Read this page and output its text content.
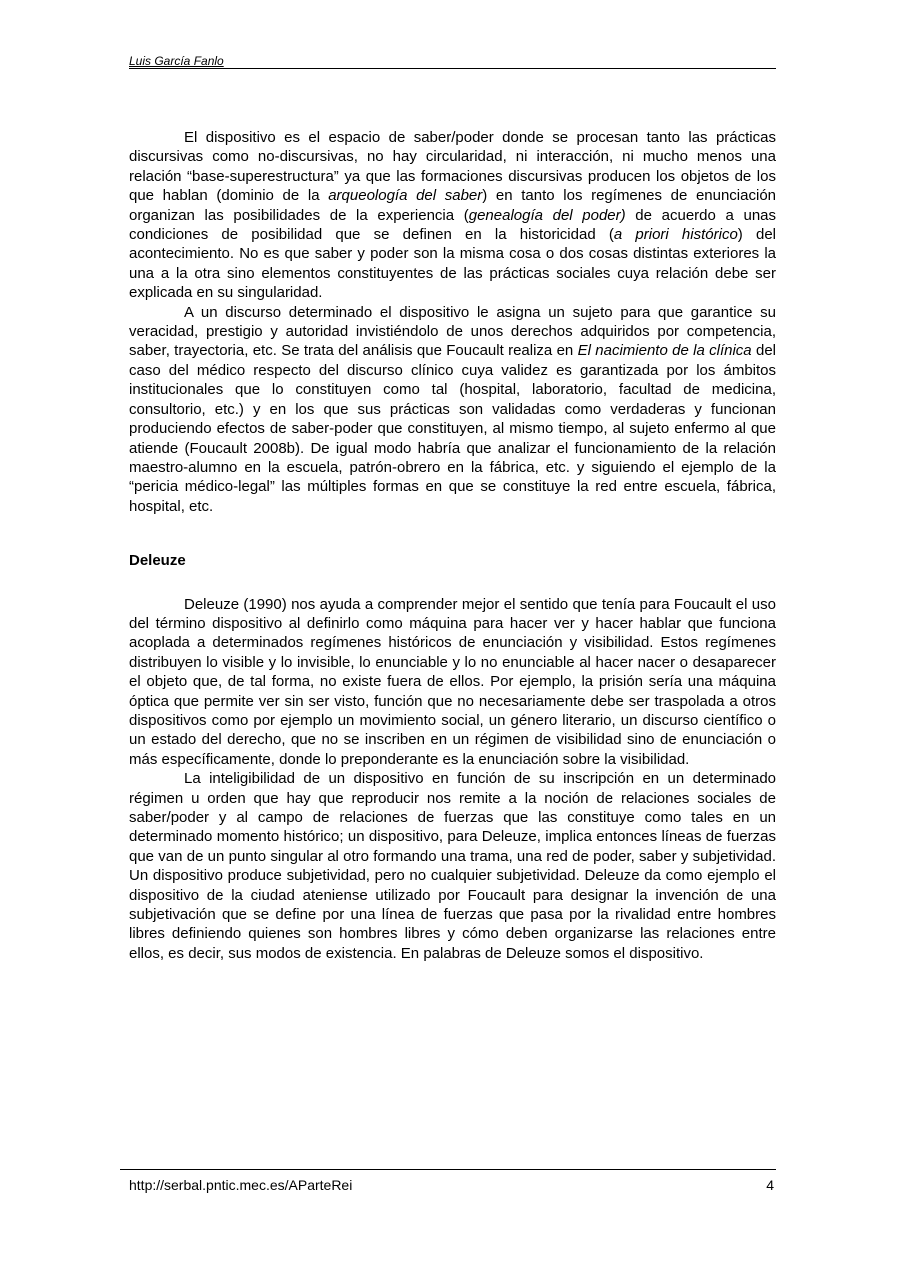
Luis García Fanlo

El dispositivo es el espacio de saber/poder donde se procesan tanto las prácticas discursivas como no-discursivas, no hay circularidad, ni interacción, ni mucho menos una relación “base-superestructura” ya que las formaciones discursivas producen los objetos de los que hablan (dominio de la arqueología del saber) en tanto los regímenes de enunciación organizan las posibilidades de la experiencia (genealogía del poder) de acuerdo a unas condiciones de posibilidad que se definen en la historicidad (a priori histórico) del acontecimiento. No es que saber y poder son la misma cosa o dos cosas distintas exteriores la una a la otra sino elementos constituyentes de las prácticas sociales cuya relación debe ser explicada en su singularidad.

A un discurso determinado el dispositivo le asigna un sujeto para que garantice su veracidad, prestigio y autoridad invistiéndolo de unos derechos adquiridos por competencia, saber, trayectoria, etc. Se trata del análisis que Foucault realiza en El nacimiento de la clínica del caso del médico respecto del discurso clínico cuya validez es garantizada por los ámbitos institucionales que lo constituyen como tal (hospital, laboratorio, facultad de medicina, consultorio, etc.) y en los que sus prácticas son validadas como verdaderas y funcionan produciendo efectos de saber-poder que constituyen, al mismo tiempo, al sujeto enfermo al que atiende (Foucault 2008b). De igual modo habría que analizar el funcionamiento de la relación maestro-alumno en la escuela, patrón-obrero en la fábrica, etc. y siguiendo el ejemplo de la “pericia médico-legal” las múltiples formas en que se constituye la red entre escuela, fábrica, hospital, etc.

Deleuze

Deleuze (1990) nos ayuda a comprender mejor el sentido que tenía para Foucault el uso del término dispositivo al definirlo como máquina para hacer ver y hacer hablar que funciona acoplada a determinados regímenes históricos de enunciación y visibilidad. Estos regímenes distribuyen lo visible y lo invisible, lo enunciable y lo no enunciable al hacer nacer o desaparecer el objeto que, de tal forma, no existe fuera de ellos. Por ejemplo, la prisión sería una máquina óptica que permite ver sin ser visto, función que no necesariamente debe ser traspolada a otros dispositivos como por ejemplo un movimiento social, un género literario, un discurso científico o un estado del derecho, que no se inscriben en un régimen de visibilidad sino de enunciación o más específicamente, donde lo preponderante es la enunciación sobre la visibilidad.

La inteligibilidad de un dispositivo en función de su inscripción en un determinado régimen u orden que hay que reproducir nos remite a la noción de relaciones sociales de saber/poder y al campo de relaciones de fuerzas que las constituye como tales en un determinado momento histórico; un dispositivo, para Deleuze, implica entonces líneas de fuerzas que van de un punto singular al otro formando una trama, una red de poder, saber y subjetividad. Un dispositivo produce subjetividad, pero no cualquier subjetividad. Deleuze da como ejemplo el dispositivo de la ciudad ateniense utilizado por Foucault para designar la invención de una subjetivación que se define por una línea de fuerzas que pasa por la rivalidad entre hombres libres definiendo quienes son hombres libres y cómo deben organizarse las relaciones entre ellos, es decir, sus modos de existencia. En palabras de Deleuze somos el dispositivo.

http://serbal.pntic.mec.es/AParteRei	4
